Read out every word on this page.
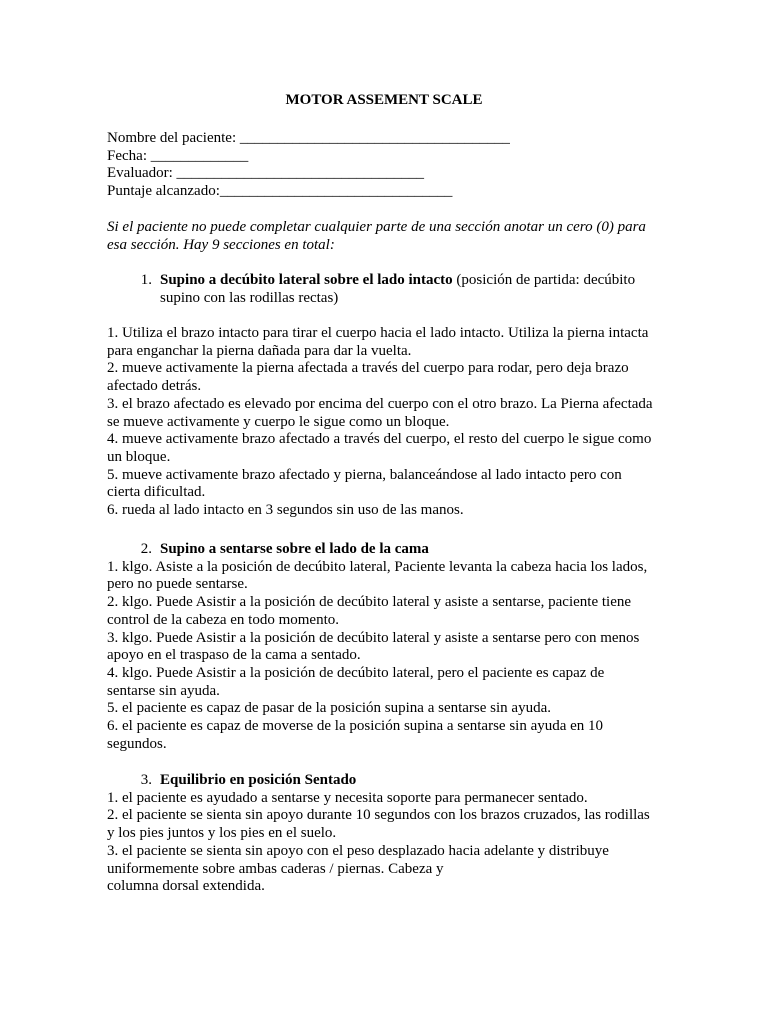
MOTOR ASSEMENT SCALE
Nombre del paciente: ____________________________________
Fecha: _____________
Evaluador: _________________________________
Puntaje alcanzado:_______________________________
Si el paciente no puede completar cualquier parte de una sección anotar un cero (0) para
esa sección. Hay 9 secciones en total:
1. Supino a decúbito lateral sobre el lado intacto (posición de partida: decúbito
supino con las rodillas rectas)
1. Utiliza el brazo intacto para tirar el cuerpo hacia el lado intacto. Utiliza la pierna intacta
para enganchar la pierna dañada para dar la vuelta.
2. mueve activamente la pierna afectada a través del cuerpo para rodar, pero deja brazo
afectado detrás.
3. el brazo afectado es elevado por encima del cuerpo con el otro brazo. La Pierna afectada
se mueve activamente y cuerpo le sigue como un bloque.
4. mueve activamente brazo afectado a través del cuerpo, el resto del cuerpo le sigue como
un bloque.
5. mueve activamente brazo afectado y pierna, balanceándose al lado intacto pero con
cierta dificultad.
6. rueda al lado intacto en 3 segundos sin uso de las manos.
2. Supino a sentarse sobre el lado de la cama
1. klgo. Asiste a la posición de decúbito lateral, Paciente levanta la cabeza hacia los lados,
pero no puede sentarse.
2. klgo. Puede Asistir a la posición de decúbito lateral y asiste a sentarse, paciente tiene
control de la cabeza en todo momento.
3. klgo. Puede Asistir a la posición de decúbito lateral y asiste a sentarse pero con menos
apoyo en el traspaso de la cama a sentado.
4. klgo. Puede Asistir a la posición de decúbito lateral, pero el paciente es capaz de
sentarse sin ayuda.
5. el paciente es capaz de pasar de la posición supina a sentarse sin ayuda.
6. el paciente es capaz de moverse de la posición supina a sentarse sin ayuda en 10
segundos.
3. Equilibrio en posición Sentado
1. el paciente es ayudado a sentarse y necesita soporte para permanecer sentado.
2. el paciente se sienta sin apoyo durante 10 segundos con los brazos cruzados, las rodillas
y los pies juntos y los pies en el suelo.
3. el paciente se sienta sin apoyo con el peso desplazado hacia adelante y distribuye
uniformemente sobre ambas caderas / piernas. Cabeza y
columna dorsal extendida.
